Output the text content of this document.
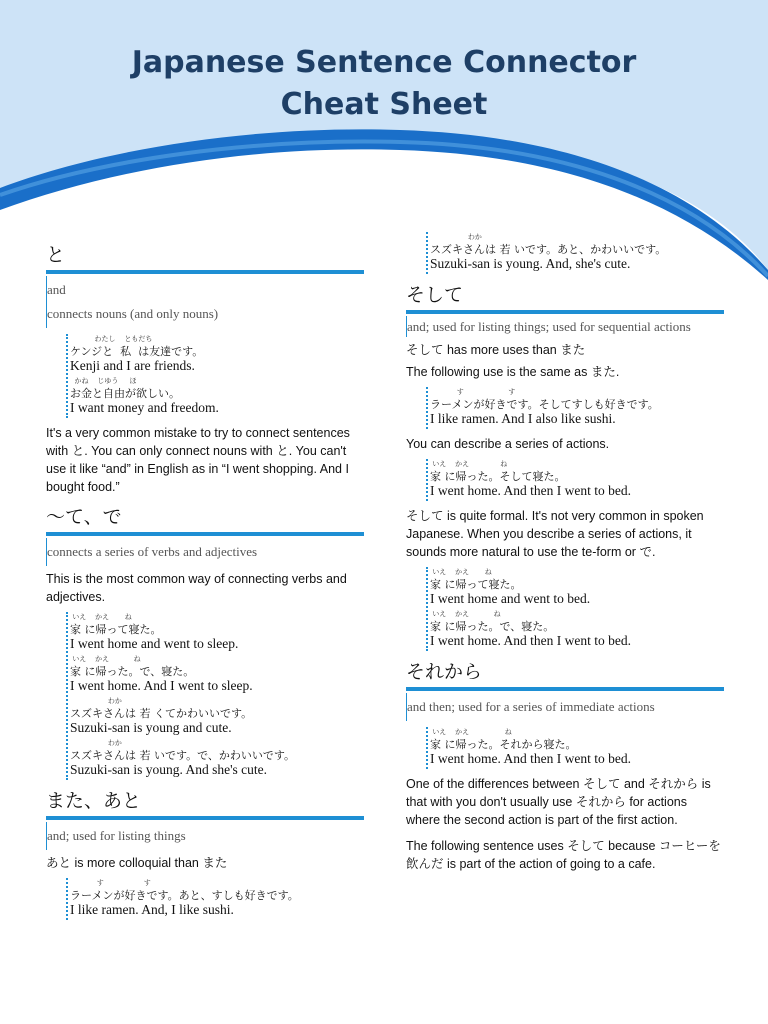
Japanese Sentence Connector
Cheat Sheet
と
and
connects nouns (and only nouns)
わたし    ともだち
ケンジと  私  は友達です。
Kenji and I are friends.
かね    じゆう     ほ
お金と自由が欲しい。
I want money and freedom.
It's a very common mistake to try to connect sentences with と. You can only connect nouns with と. You can't use it like “and” in English as in “I went shopping. And I bought food.”
〜て、で
connects a series of verbs and adjectives
This is the most common way of connecting verbs and adjectives.
いえ    かえ       ね
家 に帰って寝た。
I went home and went to sleep.
いえ    かえ           ね
家 に帰った。で、寝た。
I went home. And I went to sleep.
わか
スズキさんは 若 くてかわいいです。
Suzuki-san is young and cute.
わか
スズキさんは 若 いです。で、かわいいです。
Suzuki-san is young. And she's cute.
また、あと
and; used for listing things
あと is more colloquial than また
す                  す
ラーメンが好きです。あと、すしも好きです。
I like ramen. And, I like sushi.
わか
スズキさんは 若 いです。あと、かわいいです。
Suzuki-san is young. And, she's cute.
そして
and; used for listing things; used for sequential actions
そして has more uses than また
The following use is the same as また.
す                    す
ラーメンが好きです。そしてすしも好きです。
I like ramen. And I also like sushi.
You can describe a series of actions.
いえ    かえ              ね
家 に帰った。そして寝た。
I went home. And then I went to bed.
そして is quite formal. It's not very common in spoken Japanese. When you describe a series of actions, it sounds more natural to use the te-form or で.
いえ    かえ       ね
家 に帰って寝た。
I went home and went to bed.
いえ    かえ           ね
家 に帰った。で、寝た。
I went home. And then I went to bed.
それから
and then; used for a series of immediate actions
いえ    かえ                ね
家 に帰った。それから寝た。
I went home. And then I went to bed.
One of the differences between そして and それから is that with you don't usually use それから for actions where the second action is part of the first action.
The following sentence uses そして because コーヒーを飲んだ is part of the action of going to a cafe.
